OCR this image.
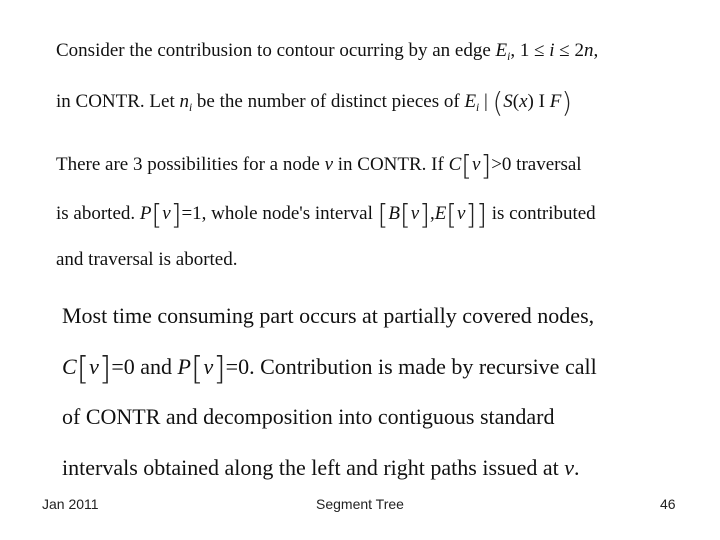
Consider the contribusion to contour ocurring by an edge $E_i$, 1 ≤ i ≤ 2n,
in CONTR. Let $n_i$ be the number of distinct pieces of $E_i$ | (S(x) I F)
There are 3 possibilities for a node v in CONTR. If C[v]>0 traversal
is aborted. P[v]=1, whole node's interval [B[v],E[v]] is contributed
and traversal is aborted.
Most time consuming part occurs at partially covered nodes,
C[v]=0 and P[v]=0. Contribution is made by recursive call
of CONTR and decomposition into contiguous standard
intervals obtained along the left and right paths issued at v.
Jan 2011	Segment Tree	46
